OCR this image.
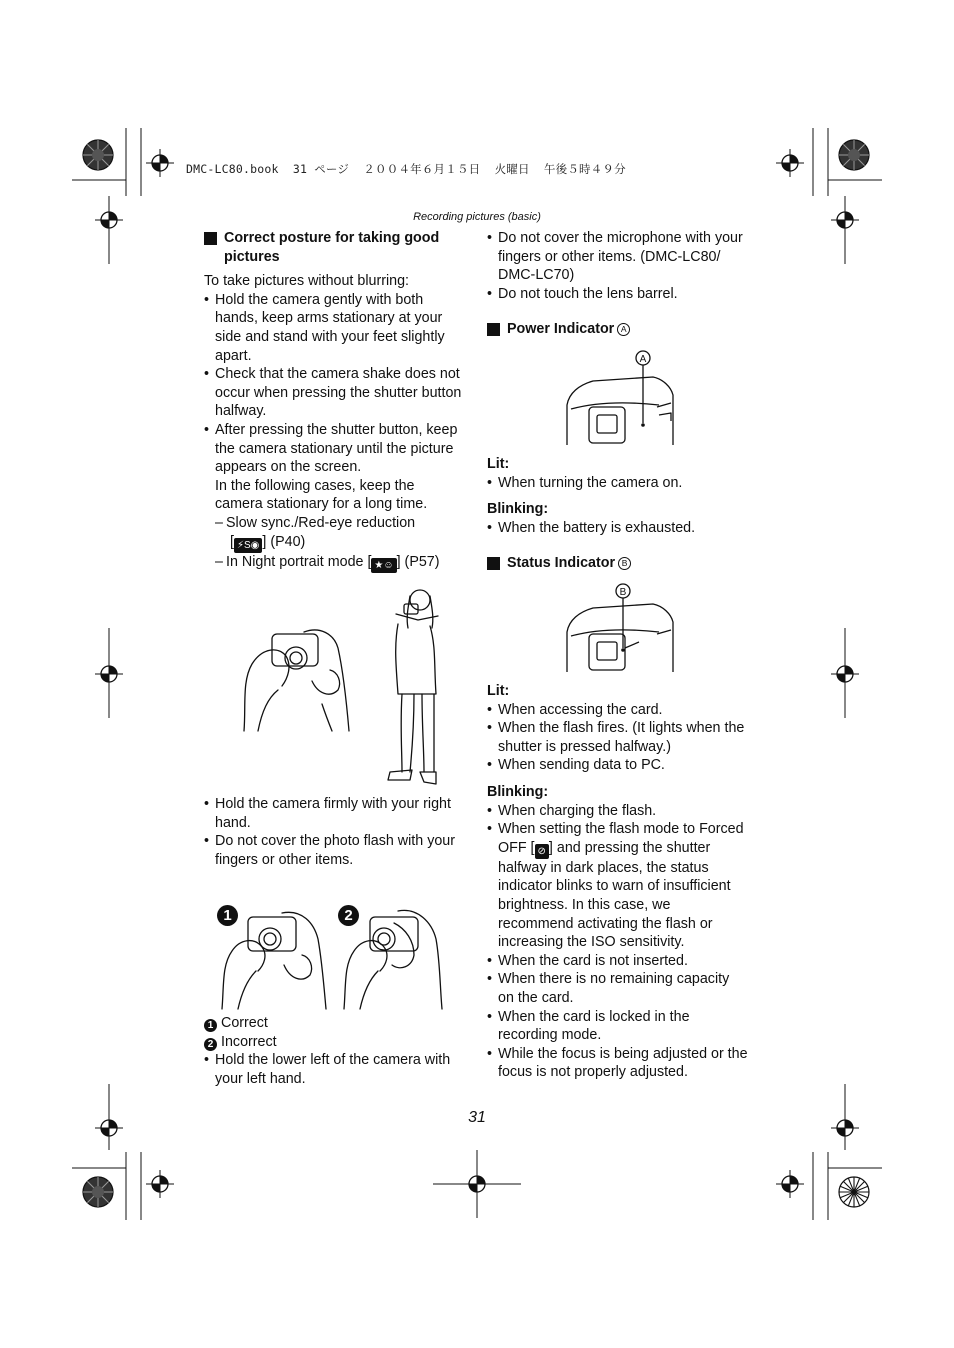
DMC-LC80.book  31 ページ  ２００４年６月１５日  火曜日  午後５時４９分
Recording pictures (basic)
Correct posture for taking good
pictures

To take pictures without blurring:

• Hold the camera gently with both hands, keep arms stationary at your side and stand with your feet slightly apart.
• Check that the camera shake does not occur when pressing the shutter button halfway.
• After pressing the shutter button, keep the camera stationary until the picture appears on the screen.
In the following cases, keep the camera stationary for a long time.
– Slow sync./Red-eye reduction
[ ⚡S◉ ] (P40)
– In Night portrait mode [ ★☺ ] (P57)
• Hold the camera firmly with your right hand.
• Do not cover the photo flash with your fingers or other items.
1	2
1 Correct
2 Incorrect
• Hold the lower left of the camera with your left hand.
• Do not cover the microphone with your fingers or other items. (DMC-LC80/ DMC-LC70)
• Do not touch the lens barrel.
Power Indicator A
A
Lit:
• When turning the camera on.
Blinking:
• When the battery is exhausted.
Status Indicator B
B
Lit:
• When accessing the card.
• When the flash fires. (It lights when the shutter is pressed halfway.)
• When sending data to PC.
Blinking:
• When charging the flash.
• When setting the flash mode to Forced OFF [ ⊘ ] and pressing the shutter halfway in dark places, the status indicator blinks to warn of insufficient brightness. In this case, we recommend activating the flash or increasing the ISO sensitivity.
• When the card is not inserted.
• When there is no remaining capacity on the card.
• When the card is locked in the recording mode.
• While the focus is being adjusted or the focus is not properly adjusted.
31
